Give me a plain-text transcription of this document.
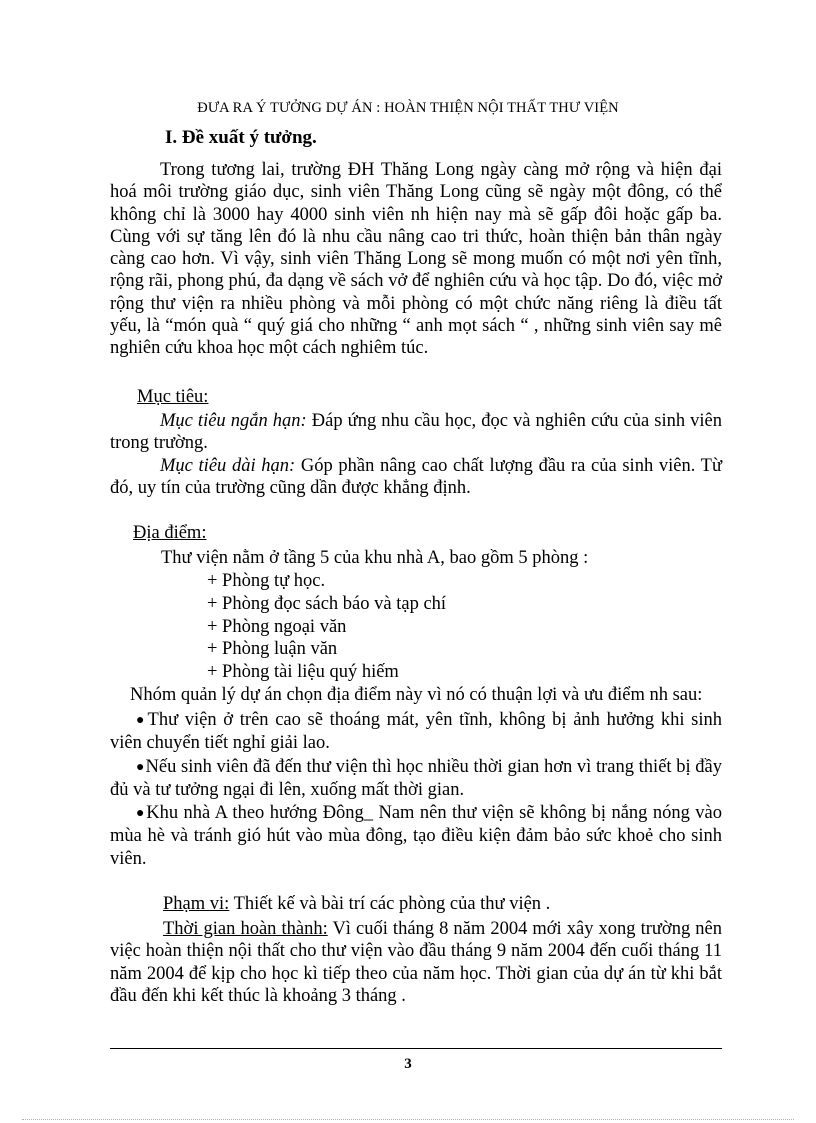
ĐƯA RA Ý TƯỞNG DỰ ÁN : HOÀN THIỆN NỘI THẤT THƯ VIỆN
I. Đề xuất ý tưởng.
Trong tương lai, trường ĐH Thăng Long ngày càng mở rộng và hiện đại hoá môi trường giáo dục, sinh viên Thăng Long cũng sẽ ngày một đông, có thể không chỉ là 3000 hay 4000 sinh viên nh hiện nay mà sẽ gấp đôi hoặc gấp ba. Cùng với sự tăng lên đó là nhu cầu nâng cao tri thức, hoàn thiện bản thân ngày càng cao hơn. Vì vậy, sinh viên Thăng Long sẽ mong muốn có một nơi yên tĩnh, rộng rãi, phong phú, đa dạng về sách vở để nghiên cứu và học tập. Do đó, việc mở rộng thư viện ra nhiều phòng và mỗi phòng có một chức năng riêng là điều tất yếu, là “món quà “ quý giá cho những “ anh mọt sách “ , những sinh viên say mê nghiên cứu khoa học một cách nghiêm túc.
Mục tiêu:
Mục tiêu ngắn hạn: Đáp ứng nhu cầu học, đọc và nghiên cứu của sinh viên trong trường.
Mục tiêu dài hạn: Góp phần nâng cao chất lượng đầu ra của sinh viên. Từ đó, uy tín của trường cũng dần được khẳng định.
Địa điểm:
Thư viện nằm ở tầng 5 của khu nhà A, bao gồm 5 phòng :
+ Phòng tự học.
+ Phòng đọc sách báo và tạp chí
+ Phòng ngoại văn
+ Phòng luận văn
+ Phòng tài liệu quý hiếm
Nhóm quản lý dự án chọn địa điểm này vì nó có thuận lợi và ưu điểm nh sau:
●Thư viện ở trên cao sẽ thoáng mát, yên tĩnh, không bị ảnh hưởng khi sinh viên chuyển tiết nghỉ giải lao.
●Nếu sinh viên đã đến thư viện thì học nhiều thời gian hơn vì trang thiết bị đầy đủ và tư tưởng ngại đi lên, xuống mất thời gian.
●Khu nhà A theo hướng Đông_ Nam nên thư viện sẽ không bị nắng nóng vào mùa hè và tránh gió hút vào mùa đông, tạo điều kiện đảm bảo sức khoẻ cho sinh viên.
Phạm vi: Thiết kế và bài trí các phòng của thư viện .
Thời gian hoàn thành: Vì cuối tháng 8 năm 2004 mới xây xong trường nên việc hoàn thiện nội thất cho thư viện vào đầu tháng 9 năm 2004 đến cuối tháng 11 năm 2004 để kịp cho học kì tiếp theo của năm học. Thời gian của dự án từ khi bắt đầu đến khi kết thúc là khoảng 3 tháng .
3
